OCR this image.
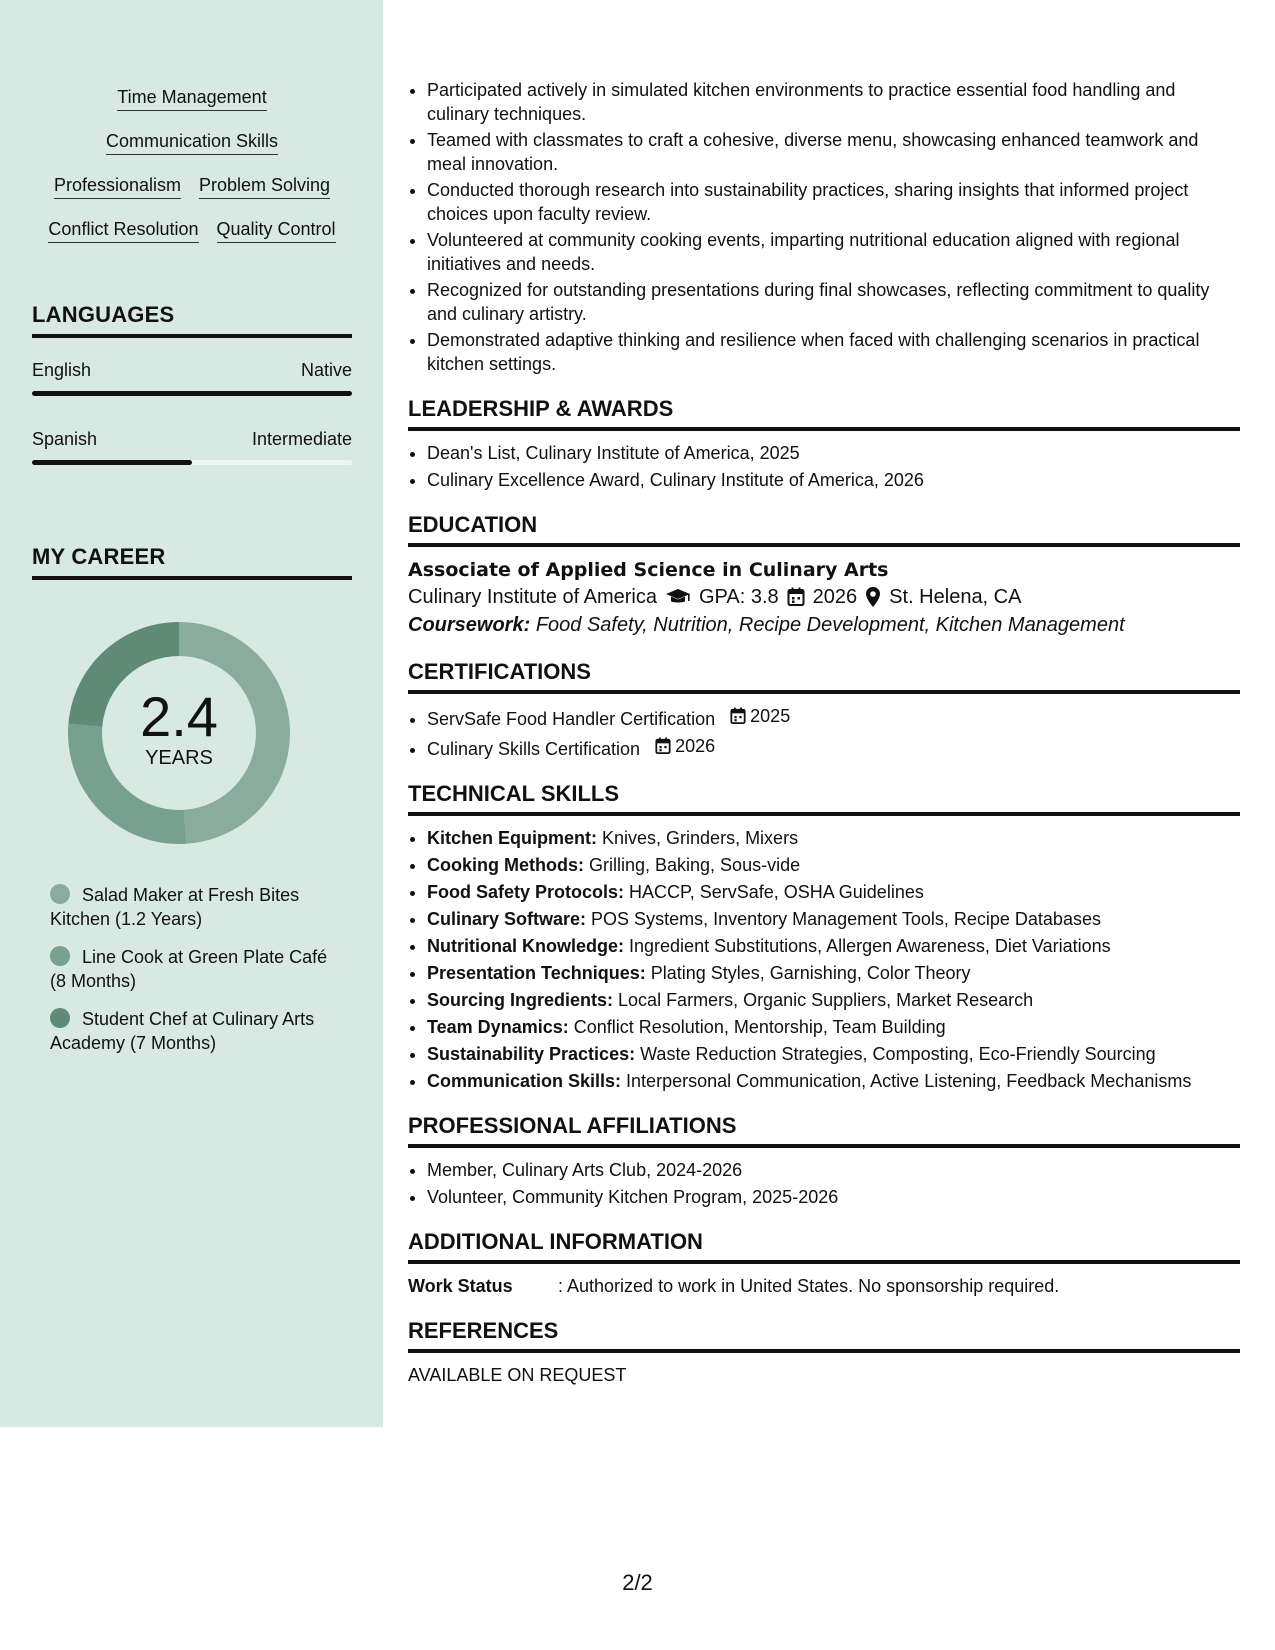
Time Management
Communication Skills
Professionalism Problem Solving
Conflict Resolution Quality Control
LANGUAGES
English	Native
Spanish	Intermediate
MY CAREER
2.4
YEARS
Salad Maker at Fresh Bites Kitchen (1.2 Years)
Line Cook at Green Plate Café (8 Months)
Student Chef at Culinary Arts Academy (7 Months)
• Participated actively in simulated kitchen environments to practice essential food handling and culinary techniques.
• Teamed with classmates to craft a cohesive, diverse menu, showcasing enhanced teamwork and meal innovation.
• Conducted thorough research into sustainability practices, sharing insights that informed project choices upon faculty review.
• Volunteered at community cooking events, imparting nutritional education aligned with regional initiatives and needs.
• Recognized for outstanding presentations during final showcases, reflecting commitment to quality and culinary artistry.
• Demonstrated adaptive thinking and resilience when faced with challenging scenarios in practical kitchen settings.
LEADERSHIP & AWARDS
• Dean's List, Culinary Institute of America, 2025
• Culinary Excellence Award, Culinary Institute of America, 2026
EDUCATION
Associate of Applied Science in Culinary Arts
Culinary Institute of America GPA: 3.8 2026 St. Helena, CA
Coursework: Food Safety, Nutrition, Recipe Development, Kitchen Management
CERTIFICATIONS
• ServSafe Food Handler Certification 2025
• Culinary Skills Certification 2026
TECHNICAL SKILLS
• Kitchen Equipment: Knives, Grinders, Mixers
• Cooking Methods: Grilling, Baking, Sous-vide
• Food Safety Protocols: HACCP, ServSafe, OSHA Guidelines
• Culinary Software: POS Systems, Inventory Management Tools, Recipe Databases
• Nutritional Knowledge: Ingredient Substitutions, Allergen Awareness, Diet Variations
• Presentation Techniques: Plating Styles, Garnishing, Color Theory
• Sourcing Ingredients: Local Farmers, Organic Suppliers, Market Research
• Team Dynamics: Conflict Resolution, Mentorship, Team Building
• Sustainability Practices: Waste Reduction Strategies, Composting, Eco-Friendly Sourcing
• Communication Skills: Interpersonal Communication, Active Listening, Feedback Mechanisms
PROFESSIONAL AFFILIATIONS
• Member, Culinary Arts Club, 2024-2026
• Volunteer, Community Kitchen Program, 2025-2026
ADDITIONAL INFORMATION
Work Status	: Authorized to work in United States. No sponsorship required.
REFERENCES
AVAILABLE ON REQUEST
2/2
